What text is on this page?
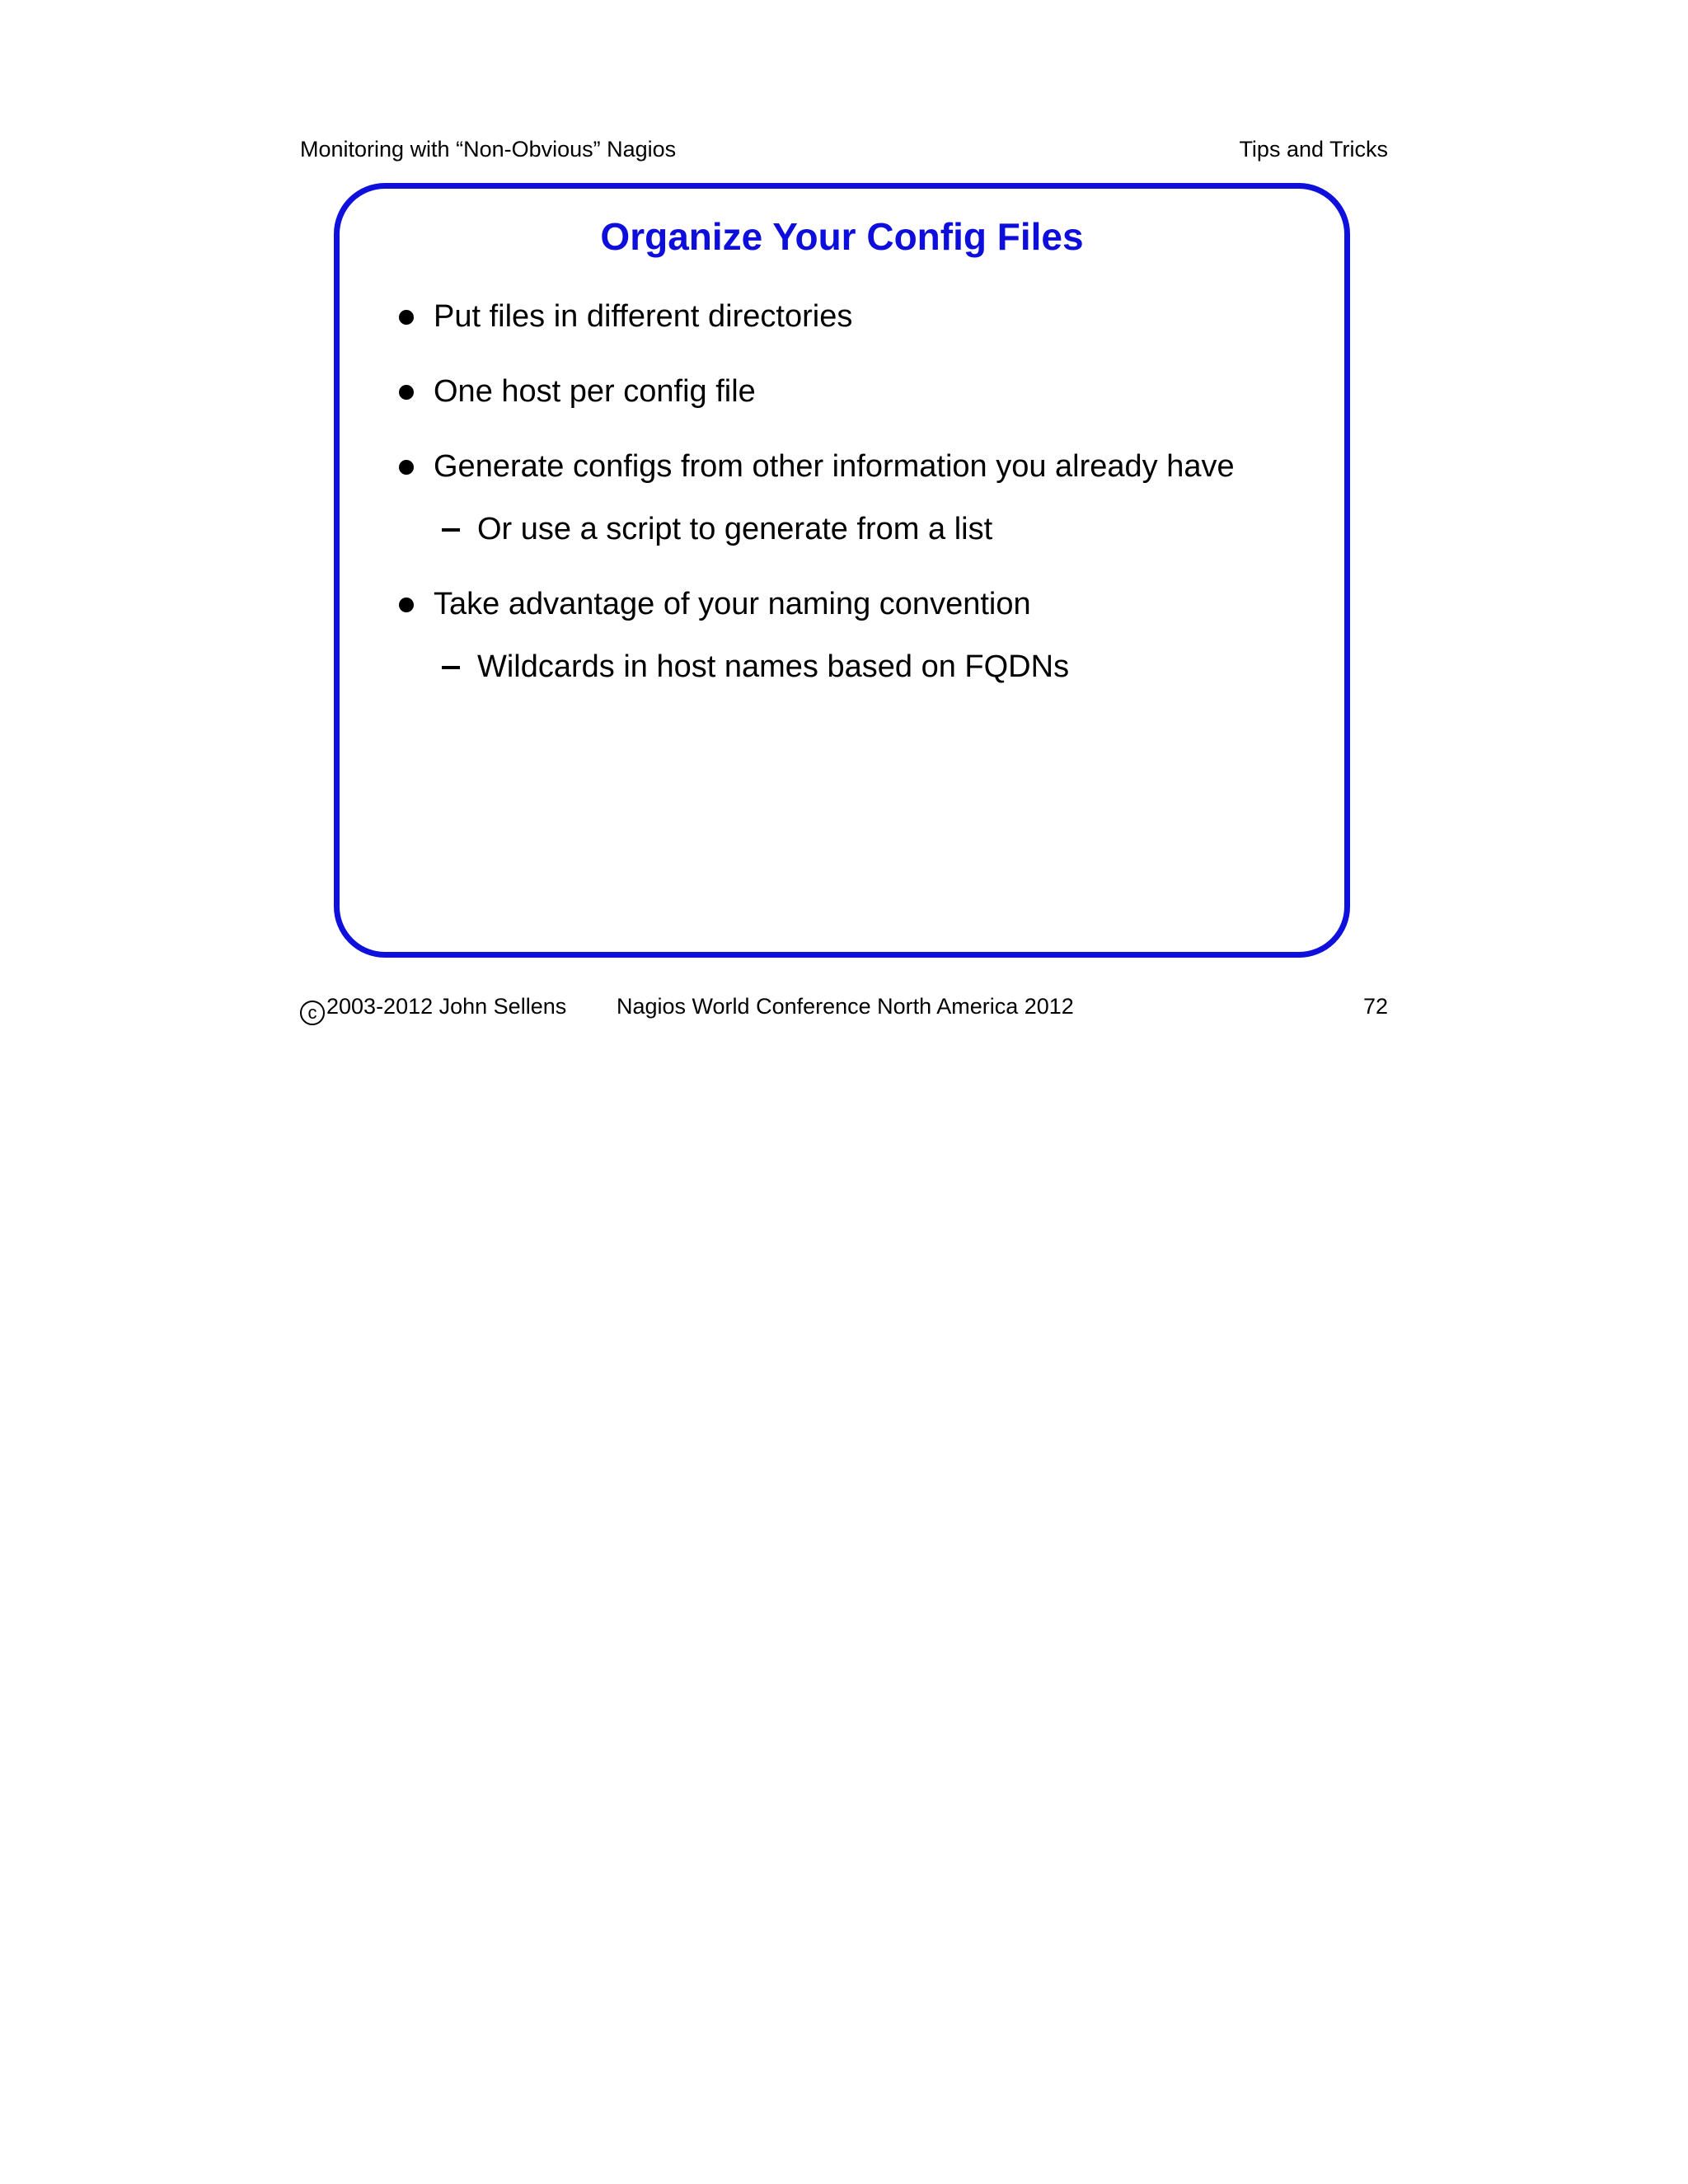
Monitoring with “Non-Obvious” Nagios	Tips and Tricks
Organize Your Config Files
Put files in different directories
One host per config file
Generate configs from other information you already have
Or use a script to generate from a list
Take advantage of your naming convention
Wildcards in host names based on FQDNs
c 2003-2012 John Sellens Nagios World Conference North America 2012	72
